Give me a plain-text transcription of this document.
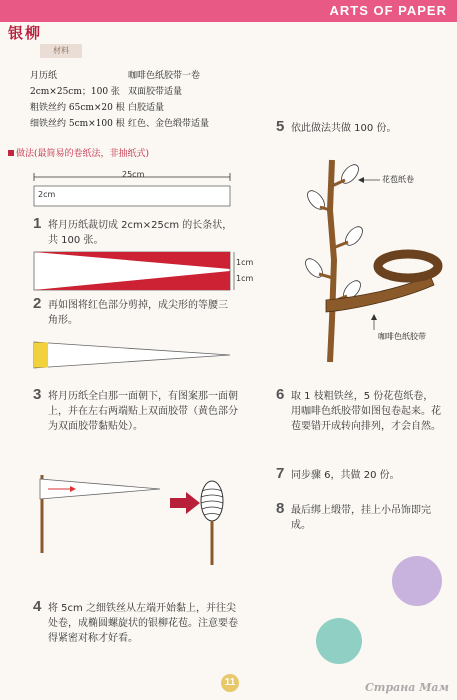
ARTS OF PAPER
银柳
材料
月历纸	咖啡色纸胶带一卷
2cm×25cm；100 张 双面胶带适量
粗铁丝约 65cm×20 根 白胶适量
细铁丝约 5cm×100 根 红色、金色缎带适量
做法(最简易的卷纸法，非抽纸式)
25cm
2cm
1 将月历纸裁切成 2cm×25cm 的长条状，共 100 张。
1cm
1cm
2 再如图将红色部分剪掉，成尖形的等腰三角形。
3 将月历纸全白那一面朝下，有图案那一面朝上，并在左右两端贴上双面胶带（黄色部分为双面胶带黏贴处）。
4 将 5cm 之细铁丝从左端开始黏上，并往尖处卷，成椭圆螺旋状的银柳花苞。注意要卷得紧密对称才好看。
5 依此做法共做 100 份。
花苞纸卷
咖啡色纸胶带
6 取 1 枝粗铁丝，5 份花苞纸卷，用咖啡色纸胶带如图包卷起来。花苞要错开成转向排列，才会自然。
7 同步骤 6，共做 20 份。
8 最后绑上缎带，挂上小吊饰即完成。
11	Страна Мам
